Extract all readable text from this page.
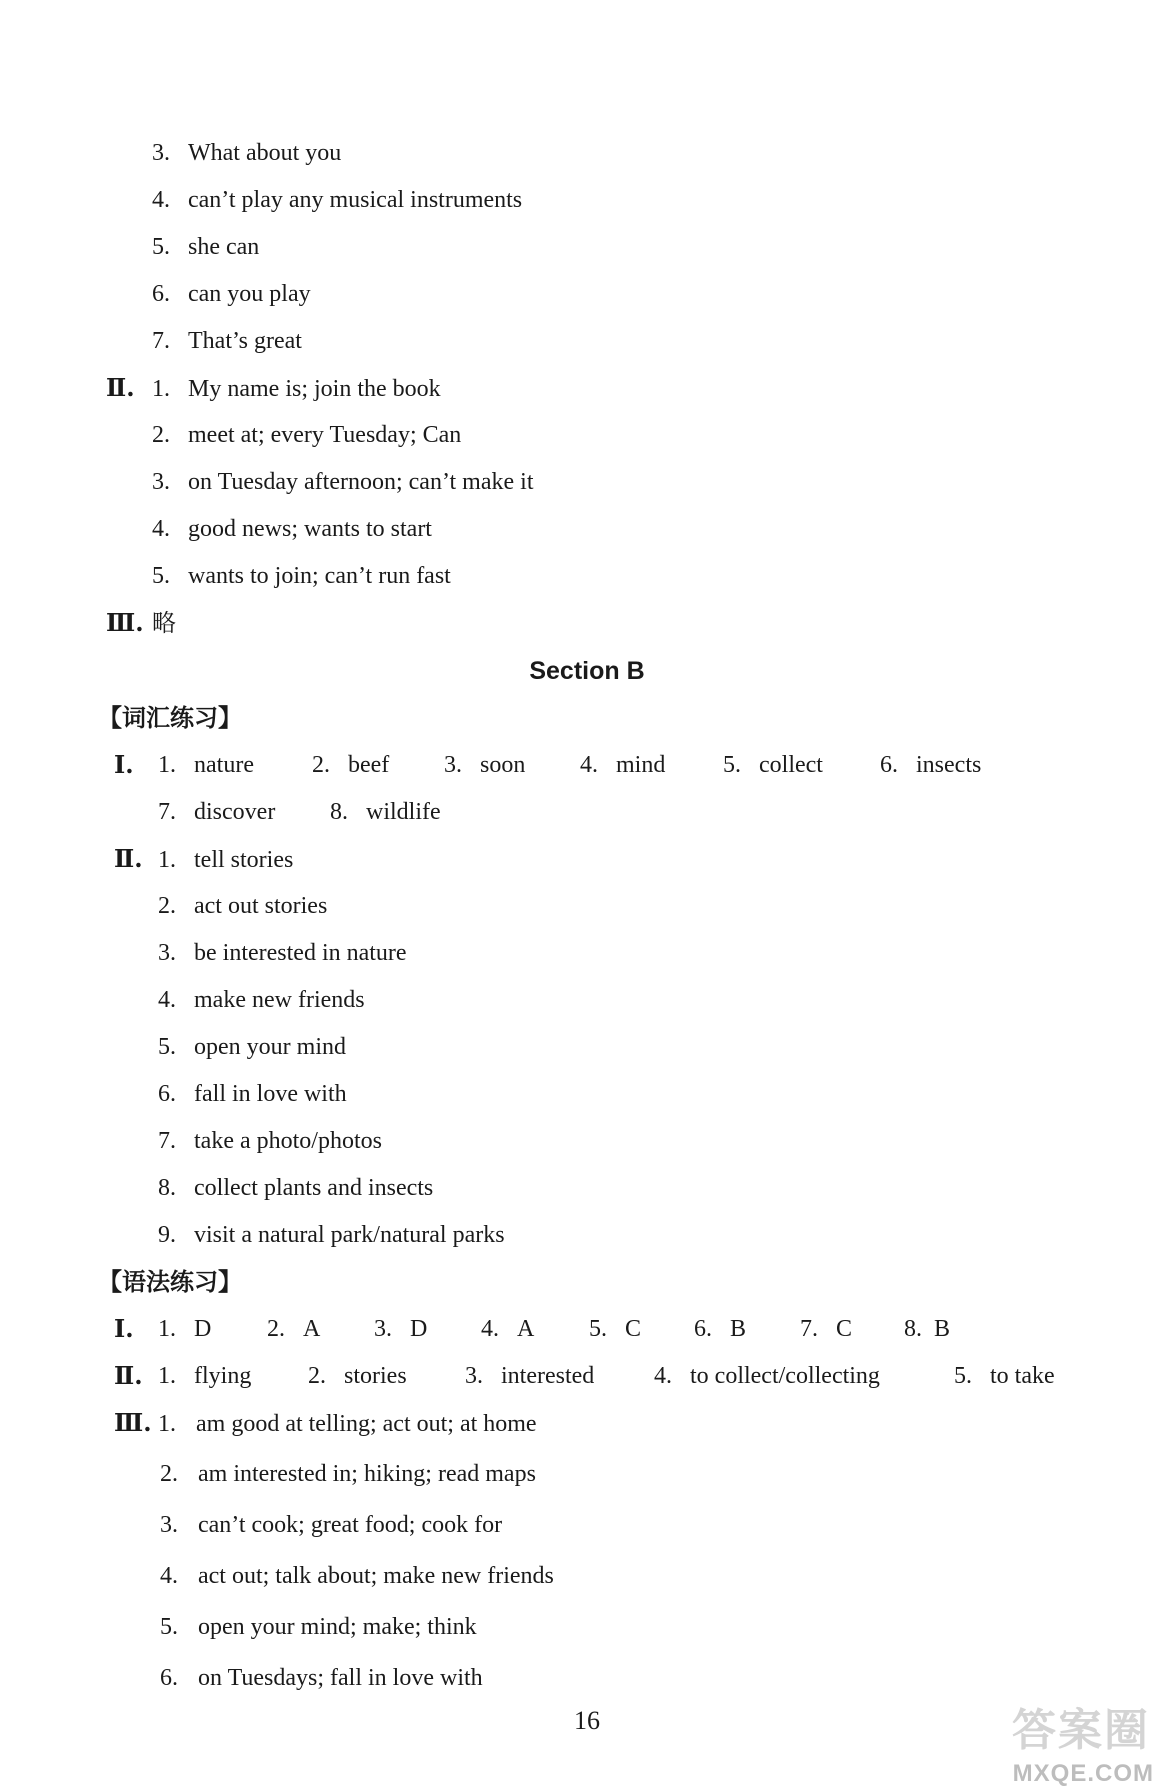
3. What about you
4. can’t play any musical instruments
5. she can
6. can you play
7. That’s great
Ⅱ. 1. My name is; join the book
2. meet at; every Tuesday; Can
3. on Tuesday afternoon; can’t make it
4. good news; wants to start
5. wants to join; can’t run fast
Ⅲ. 略
Section B
【词汇练习】
Ⅰ.	1. nature 2. beef 3. soon 4. mind 5. collect 6. insects
7. discover 8. wildlife
Ⅱ. 1. tell stories
2. act out stories
3. be interested in nature
4. make new friends
5. open your mind
6. fall in love with
7. take a photo/photos
8. collect plants and insects
9. visit a natural park/natural parks
【语法练习】
Ⅰ.	1. D 2. A 3. D 4. A 5. C 6. B 7. C 8. B
Ⅱ. 1. flying 2. stories 3. interested 4. to collect/collecting	5. to take
Ⅲ. 1. am good at telling; act out; at home
2. am interested in; hiking; read maps
3. can’t cook; great food; cook for
4. act out; talk about; make new friends
5. open your mind; make; think
6. on Tuesdays; fall in love with
16	答案圈
MXQE.COM
